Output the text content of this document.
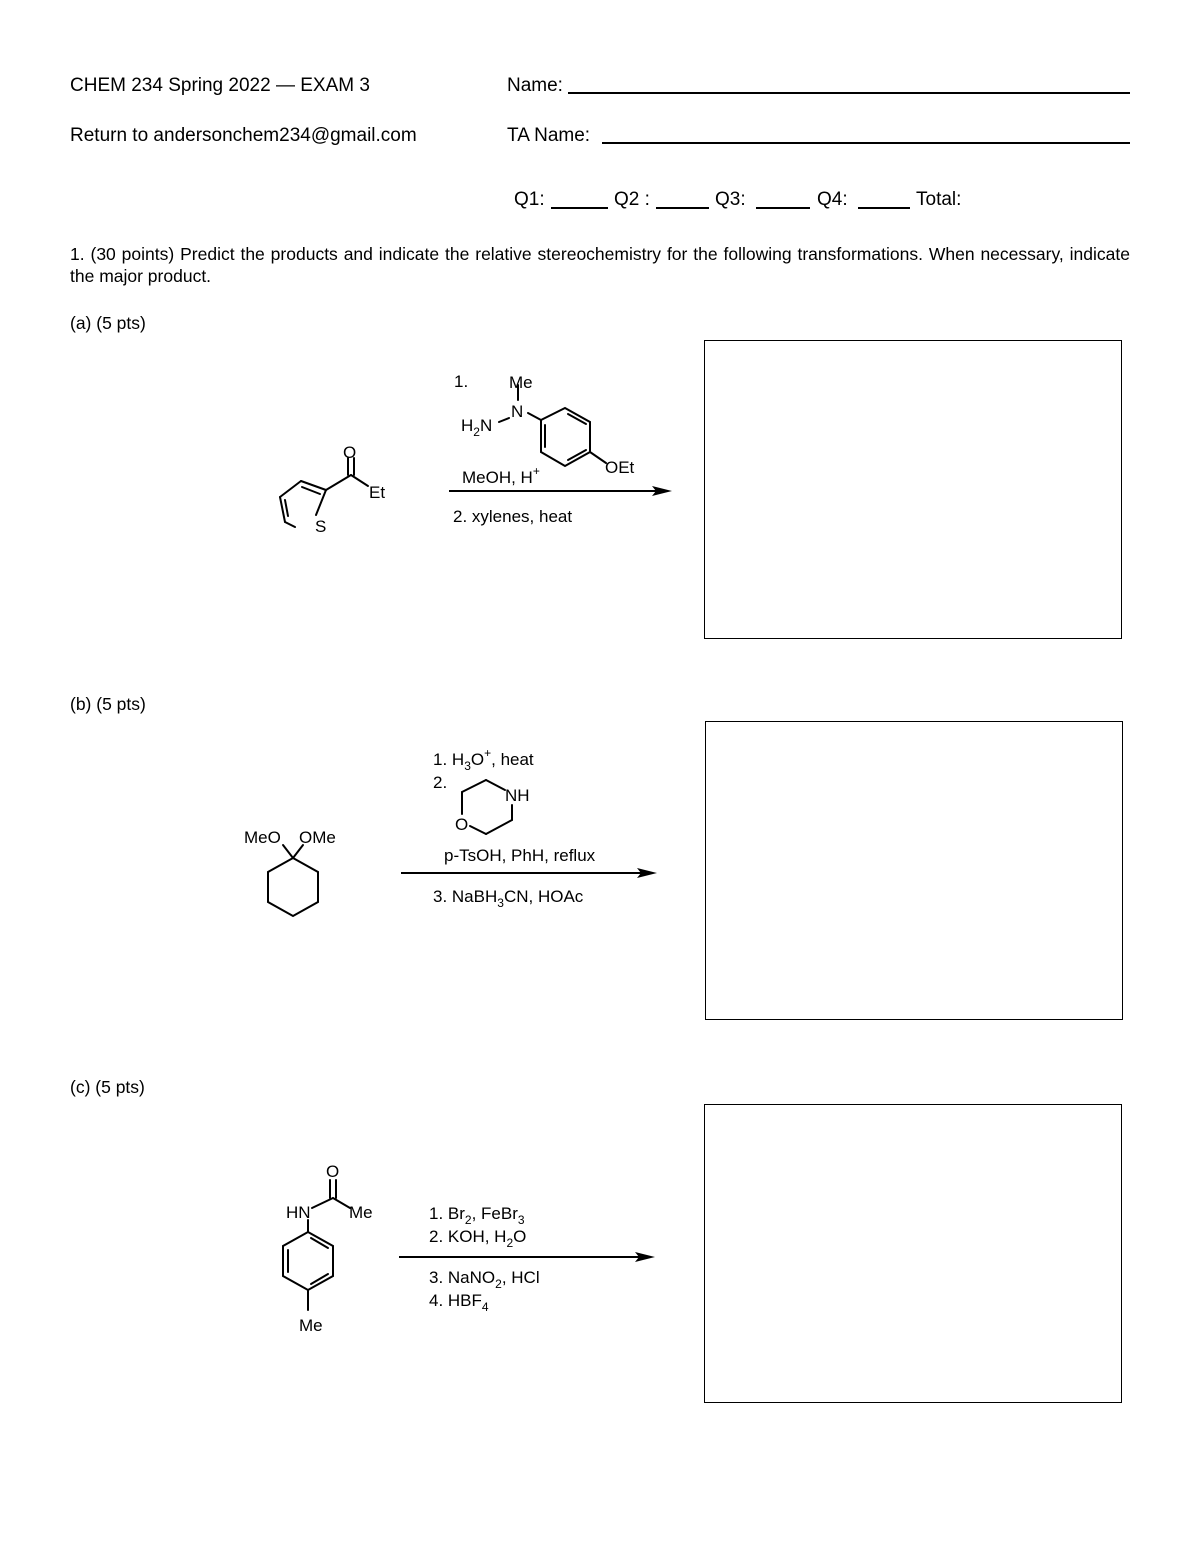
CHEM 234 Spring 2022 — EXAM 3
Return to andersonchem234@gmail.com
Name:
TA Name:
Q1:	Q2 :	Q3:	Q4:	Total:
1. (30 points) Predict the products and indicate the relative stereochemistry for the following transformations. When necessary, indicate the major product.
(a) (5 pts)
O
S
Et
1. Me
N
$H_2N$
OEt
MeOH, H+
2. xylenes, heat
(b) (5 pts)
MeO OMe
1. $H_3O^+$, heat
2.
NH
O
p-TsOH, PhH, reflux
3. NaBH$_3$CN, HOAc
(c) (5 pts)
O
HN Me
Me
1. $Br_2$, FeBr$_3$
2. KOH, $H_2O$
3. NaNO$_2$, HCl
4. $HBF_4$
